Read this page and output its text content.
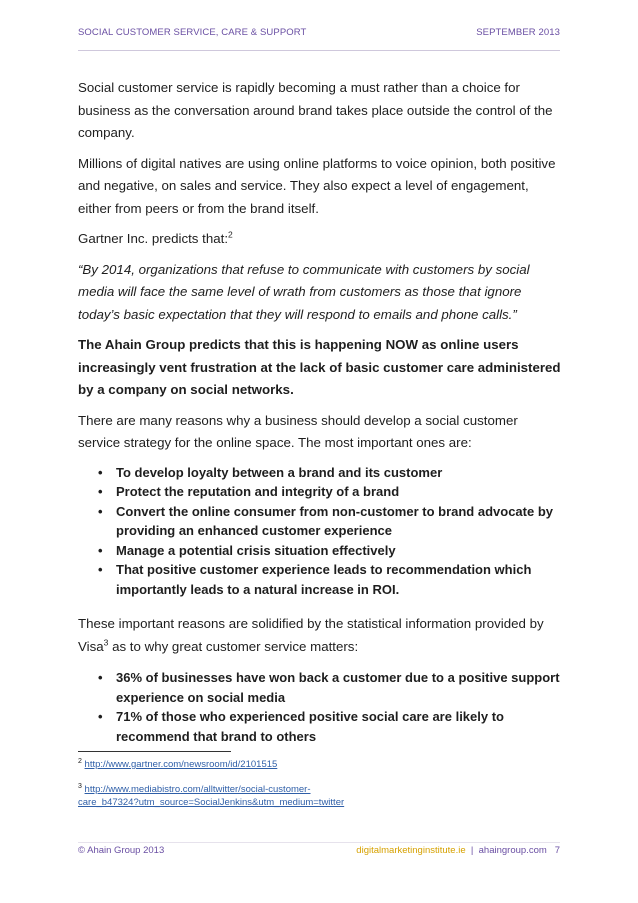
SOCIAL CUSTOMER SERVICE, CARE & SUPPORT	SEPTEMBER 2013

Social customer service is rapidly becoming a must rather than a choice for business as the conversation around brand takes place outside the control of the company.

Millions of digital natives are using online platforms to voice opinion, both positive and negative, on sales and service. They also expect a level of engagement, either from peers or from the brand itself.

Gartner Inc. predicts that:$^2$

“By 2014, organizations that refuse to communicate with customers by social media will face the same level of wrath from customers as those that ignore today’s basic expectation that they will respond to emails and phone calls.”

The Ahain Group predicts that this is happening NOW as online users increasingly vent frustration at the lack of basic customer care administered by a company on social networks.

There are many reasons why a business should develop a social customer service strategy for the online space. The most important ones are:

• To develop loyalty between a brand and its customer
• Protect the reputation and integrity of a brand
• Convert the online consumer from non-customer to brand advocate by providing an enhanced customer experience
• Manage a potential crisis situation effectively
• That positive customer experience leads to recommendation which importantly leads to a natural increase in ROI.

These important reasons are solidified by the statistical information provided by Visa$^3$ as to why great customer service matters:

• 36% of businesses have won back a customer due to a positive support experience on social media
• 71% of those who experienced positive social care are likely to recommend that brand to others
$^2$ http://www.gartner.com/newsroom/id/2101515
$^3$ http://www.mediabistro.com/alltwitter/social-customer-
care_b47324?utm_source=SocialJenkins&utm_medium=twitter
© Ahain Group 2013	digitalmarketinginstitute.ie | ahaingroup.com 7
